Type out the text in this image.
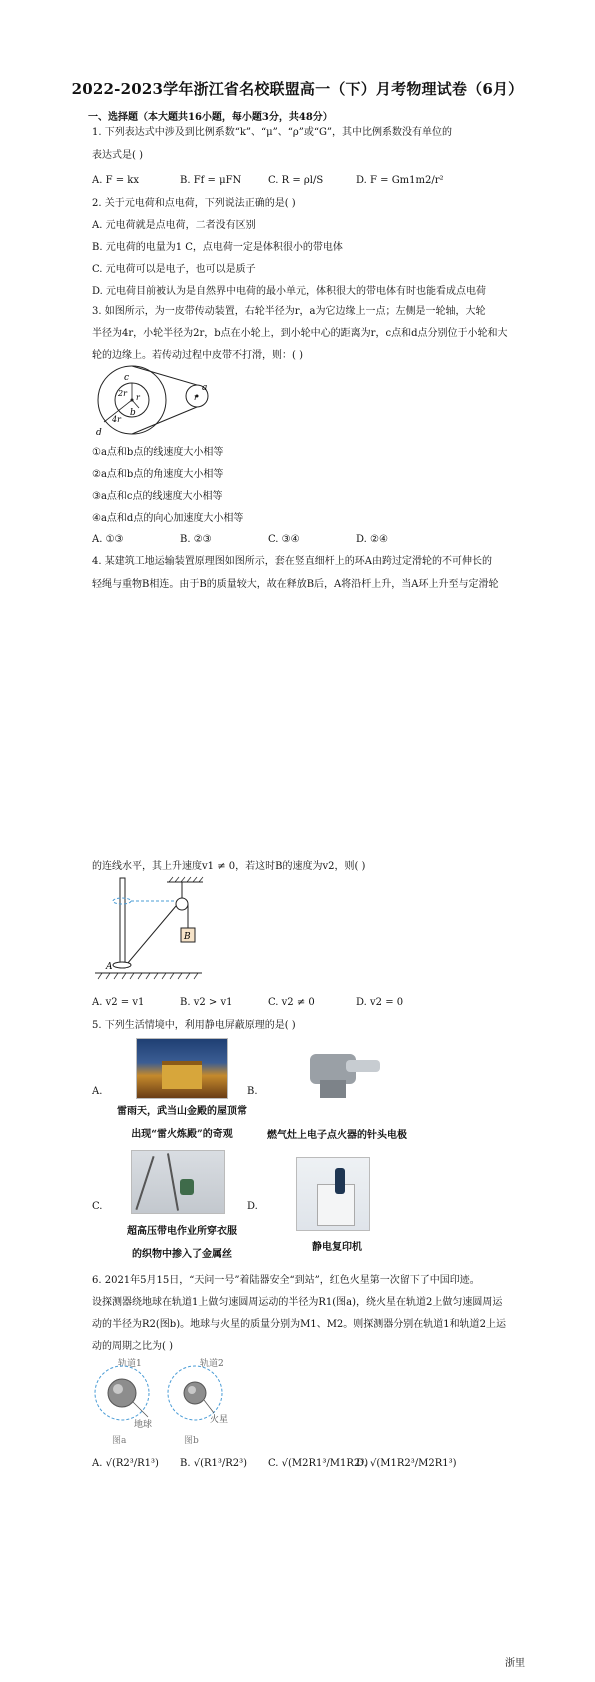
2022-2023学年浙江省名校联盟高一（下）月考物理试卷（6月）
一、选择题（本大题共16小题，每小题3分，共48分）
1. 下列表达式中涉及到比例系数“k”、“μ”、“ρ”或“G”，其中比例系数没有单位的
表达式是( )
A. F = kx	B. Ff = μFN	C. R = ρl/S	D. F = Gm1m2/r²
2. 关于元电荷和点电荷，下列说法正确的是( )
A. 元电荷就是点电荷，二者没有区别
B. 元电荷的电量为1 C，点电荷一定是体积很小的带电体
C. 元电荷可以是电子，也可以是质子
D. 元电荷目前被认为是自然界中电荷的最小单元，体积很大的带电体有时也能看成点电荷
3. 如图所示，为一皮带传动装置，右轮半径为r，a为它边缘上一点；左侧是一轮轴，大轮
半径为4r，小轮半径为2r，b点在小轮上，到小轮中心的距离为r，c点和d点分别位于小轮和大
轮的边缘上。若传动过程中皮带不打滑，则：( )
c
2r r
b
4r
d
a
r
①a点和b点的线速度大小相等
②a点和b点的角速度大小相等
③a点和c点的线速度大小相等
④a点和d点的向心加速度大小相等
A. ①③	B. ②③	C. ③④	D. ②④
4. 某建筑工地运输装置原理图如图所示，套在竖直细杆上的环A由跨过定滑轮的不可伸长的
轻绳与重物B相连。由于B的质量较大，故在释放B后，A将沿杆上升，当A环上升至与定滑轮
的连线水平，其上升速度v1 ≠ 0，若这时B的速度为v2，则( )
B
A
A. v2 = v1	B. v2 > v1	C. v2 ≠ 0	D. v2 = 0
5. 下列生活情境中，利用静电屏蔽原理的是( )
A.
雷雨天，武当山金殿的屋顶常
出现“雷火炼殿”的奇观
B.
燃气灶上电子点火器的针头电极
C.
超高压带电作业所穿衣服
的织物中掺入了金属丝
D.
静电复印机
6. 2021年5月15日，“天问一号”着陆器安全“到站”，红色火星第一次留下了中国印迹。
设探测器绕地球在轨道1上做匀速圆周运动的半径为R1(图a)，绕火星在轨道2上做匀速圆周运
动的半径为R2(图b)。地球与火星的质量分别为M1、M2。则探测器分别在轨道1和轨道2上运
动的周期之比为( )
轨道1	轨道2
地球	火星
图a	图b
A. √(R2³/R1³) B. √(R1³/R2³) C. √(M2R1³/M1R2³)
D. √(M1R2³/M2R1³)
浙里
